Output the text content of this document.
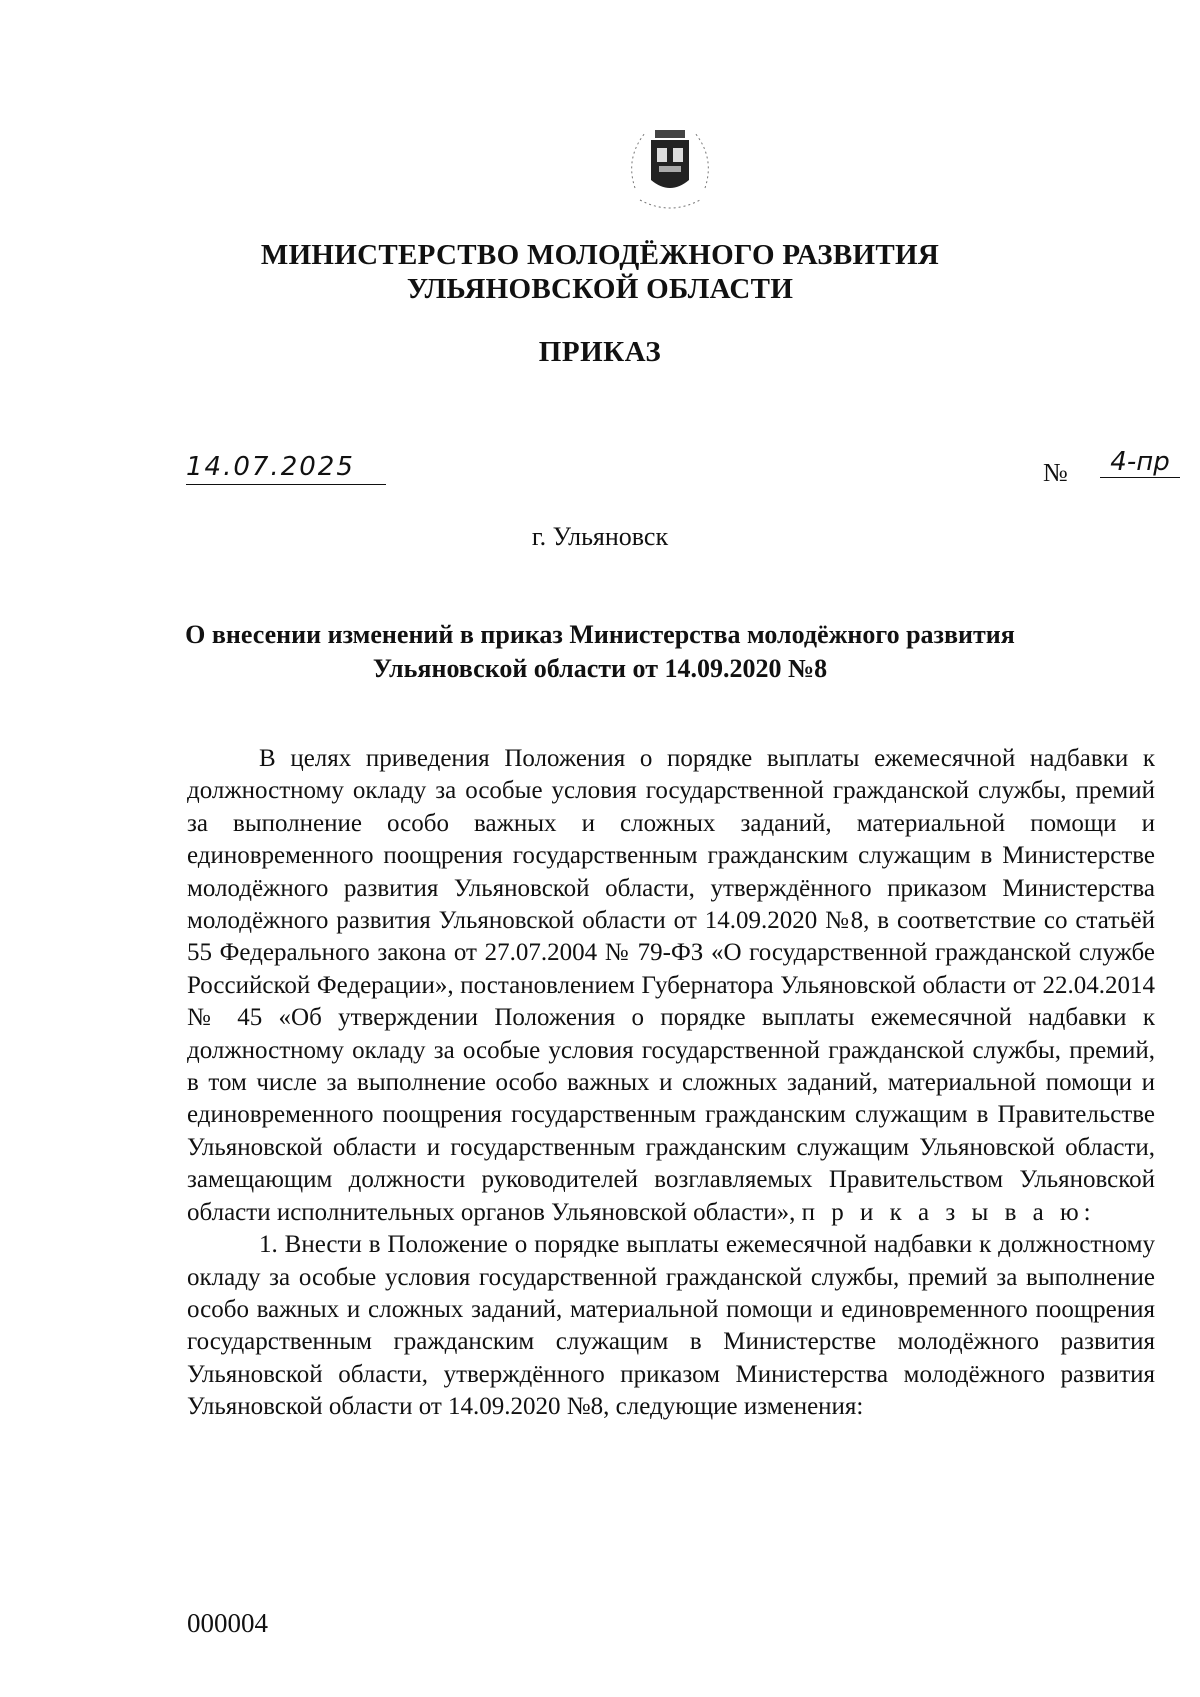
МИНИСТЕРСТВО МОЛОДЁЖНОГО РАЗВИТИЯ
УЛЬЯНОВСКОЙ ОБЛАСТИ
ПРИКАЗ
14.07.2025	№	4-пр
г. Ульяновск
О внесении изменений в приказ Министерства молодёжного развития
Ульяновской области от 14.09.2020 №8

В целях приведения Положения о порядке выплаты ежемесячной надбавки к должностному окладу за особые условия государственной гражданской службы, премий за выполнение особо важных и сложных заданий, материальной помощи и единовременного поощрения государственным гражданским служащим в Министерстве молодёжного развития Ульяновской области, утверждённого приказом Министерства молодёжного развития Ульяновской области от 14.09.2020 №8, в соответствие со статьёй 55 Федерального закона от 27.07.2004 № 79-ФЗ «О государственной гражданской службе Российской Федерации», постановлением Губернатора Ульяновской области от 22.04.2014 № 45 «Об утверждении Положения о порядке выплаты ежемесячной надбавки к должностному окладу за особые условия государственной гражданской службы, премий, в том числе за выполнение особо важных и сложных заданий, материальной помощи и единовременного поощрения государственным гражданским служащим в Правительстве Ульяновской области и государственным гражданским служащим Ульяновской области, замещающим должности руководителей возглавляемых Правительством Ульяновской области исполнительных органов Ульяновской области», п р и к а з ы в а ю:

1. Внести в Положение о порядке выплаты ежемесячной надбавки к должностному окладу за особые условия государственной гражданской службы, премий за выполнение особо важных и сложных заданий, материальной помощи и единовременного поощрения государственным гражданским служащим в Министерстве молодёжного развития Ульяновской области, утверждённого приказом Министерства молодёжного развития Ульяновской области от 14.09.2020 №8, следующие изменения:

000004
